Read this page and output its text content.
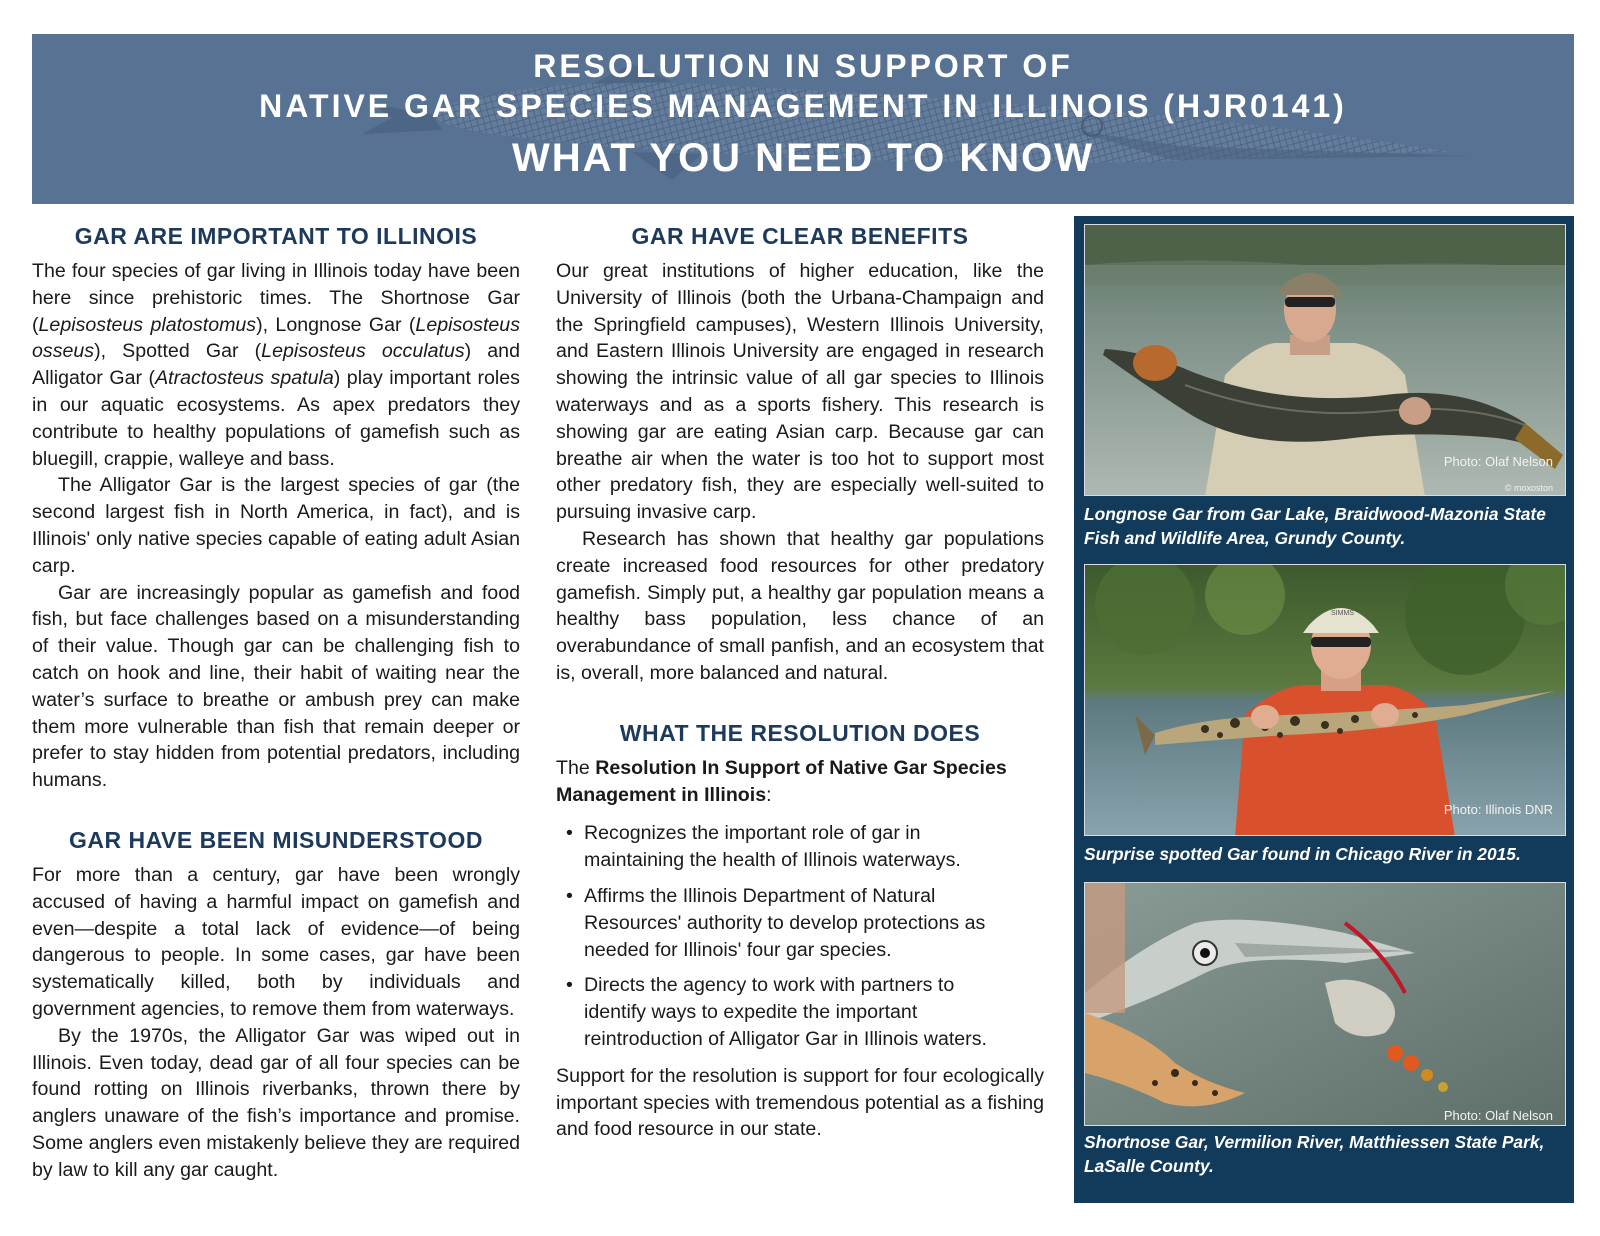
RESOLUTION IN SUPPORT OF
NATIVE GAR SPECIES MANAGEMENT IN ILLINOIS (HJR0141)
WHAT YOU NEED TO KNOW
GAR ARE IMPORTANT TO ILLINOIS

The four species of gar living in Illinois today have been here since prehistoric times. The Shortnose Gar (Lepisosteus platostomus), Longnose Gar (Lepisosteus osseus), Spotted Gar (Lepisosteus occulatus) and Alligator Gar (Atractosteus spatula) play important roles in our aquatic ecosystems. As apex predators they contribute to healthy populations of gamefish such as bluegill, crappie, walleye and bass.

The Alligator Gar is the largest species of gar (the second largest fish in North America, in fact), and is Illinois' only native species capable of eating adult Asian carp.

Gar are increasingly popular as gamefish and food fish, but face challenges based on a misunderstanding of their value. Though gar can be challenging fish to catch on hook and line, their habit of waiting near the water’s surface to breathe or ambush prey can make them more vulnerable than fish that remain deeper or prefer to stay hidden from potential predators, including humans.

GAR HAVE BEEN MISUNDERSTOOD

For more than a century, gar have been wrongly accused of having a harmful impact on gamefish and even—despite a total lack of evidence—of being dangerous to people. In some cases, gar have been systematically killed, both by individuals and government agencies, to remove them from waterways.

By the 1970s, the Alligator Gar was wiped out in Illinois. Even today, dead gar of all four species can be found rotting on Illinois riverbanks, thrown there by anglers unaware of the fish’s importance and promise. Some anglers even mistakenly believe they are required by law to kill any gar caught.

GAR HAVE CLEAR BENEFITS

Our great institutions of higher education, like the University of Illinois (both the Urbana-Champaign and the Springfield campuses), Western Illinois University, and Eastern Illinois University are engaged in research showing the intrinsic value of all gar species to Illinois waterways and as a sports fishery. This research is showing gar are eating Asian carp. Because gar can breathe air when the water is too hot to support most other predatory fish, they are especially well-suited to pursuing invasive carp.

Research has shown that healthy gar populations create increased food resources for other predatory gamefish. Simply put, a healthy gar population means a healthy bass population, less chance of an overabundance of small panfish, and an ecosystem that is, overall, more balanced and natural.

WHAT THE RESOLUTION DOES

The Resolution In Support of Native Gar Species Management in Illinois:

• Recognizes the important role of gar in maintaining the health of Illinois waterways.
• Affirms the Illinois Department of Natural Resources' authority to develop protections as needed for Illinois' four gar species.
• Directs the agency to work with partners to identify ways to expedite the important reintroduction of Alligator Gar in Illinois waters.

Support for the resolution is support for four ecologically important species with tremendous potential as a fishing and food resource in our state.

Photo: Olaf Nelson
© moxoston
Longnose Gar from Gar Lake, Braidwood-Mazonia State Fish and Wildlife Area, Grundy County.
SIMMS
Photo: Illinois DNR
Surprise spotted Gar found in Chicago River in 2015.
Photo: Olaf Nelson
Shortnose Gar, Vermilion River, Matthiessen State Park, LaSalle County.
